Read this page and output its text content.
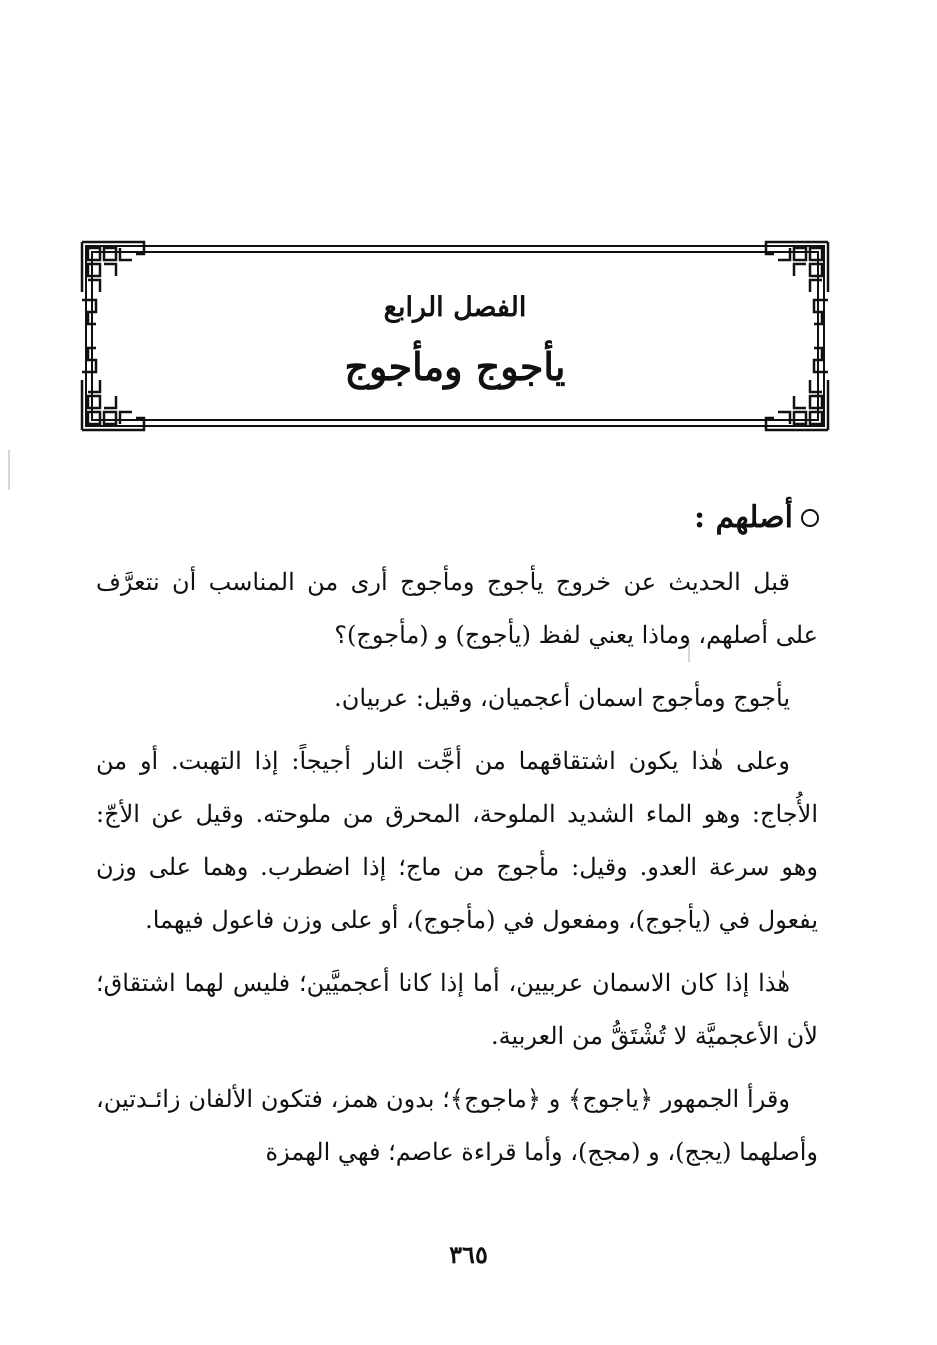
الفصل الرابع
يأجوج ومأجوج
أصلهم :

قبل الحديث عن خروج يأجوج ومأجوج أرى من المناسب أن نتعرَّف على أصلهم، وماذا يعني لفظ (يأجوج) و (مأجوج)؟

يأجوج ومأجوج اسمان أعجميان، وقيل: عربيان.

وعلى هٰذا يكون اشتقاقهما من أجَّت النار أجيجاً: إذا التهبت. أو من الأُجاج: وهو الماء الشديد الملوحة، المحرق من ملوحته. وقيل عن الأجّ: وهو سرعة العدو. وقيل: مأجوج من ماج؛ إذا اضطرب. وهما على وزن يفعول في (يأجوج)، ومفعول في (مأجوج)، أو على وزن فاعول فيهما.

هٰذا إذا كان الاسمان عربيين، أما إذا كانا أعجميَّين؛ فليس لهما اشتقاق؛ لأن الأعجميَّة لا تُشْتَقُّ من العربية.

وقرأ الجمهور ﴿ياجوج﴾ و ﴿ماجوج﴾؛ بدون همز، فتكون الألفان زائـدتين، وأصلهما (يجج)، و (مجج)، وأما قراءة عاصم؛ فهي الهمزة

٣٦٥
